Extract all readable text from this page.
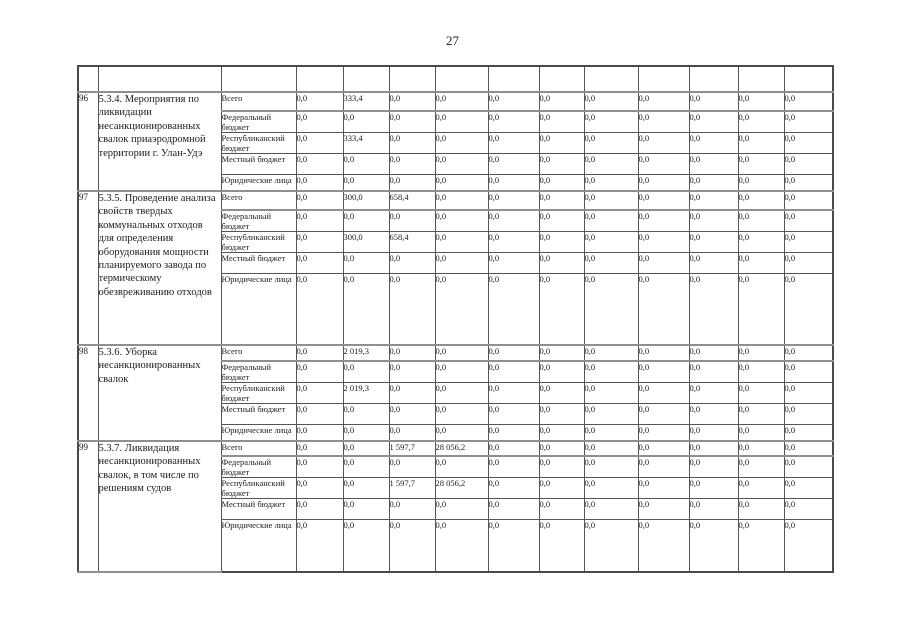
27

96	5.3.4. Мероприятия по ликвидации несанкционированных свалок приаэродромной территории г. Улан-Удэ	Всего	0,0	333,4	0,0	0,0	0,0	0,0	0,0	0,0	0,0	0,0	0,0
		Федеральный бюджет	0,0	0,0	0,0	0,0	0,0	0,0	0,0	0,0	0,0	0,0	0,0
		Республиканский бюджет	0,0	333,4	0,0	0,0	0,0	0,0	0,0	0,0	0,0	0,0	0,0
		Местный бюджет	0,0	0,0	0,0	0,0	0,0	0,0	0,0	0,0	0,0	0,0	0,0
		Юридические лица	0,0	0,0	0,0	0,0	0,0	0,0	0,0	0,0	0,0	0,0	0,0
97	5.3.5. Проведение анализа свойств твердых коммунальных отходов для определения оборудования мощности планируемого завода по термическому обезвреживанию отходов	Всего	0,0	300,0	658,4	0,0	0,0	0,0	0,0	0,0	0,0	0,0	0,0
		Федеральный бюджет	0,0	0,0	0,0	0,0	0,0	0,0	0,0	0,0	0,0	0,0	0,0
		Республиканский бюджет	0,0	300,0	658,4	0,0	0,0	0,0	0,0	0,0	0,0	0,0	0,0
		Местный бюджет	0,0	0,0	0,0	0,0	0,0	0,0	0,0	0,0	0,0	0,0	0,0
		Юридические лица	0,0	0,0	0,0	0,0	0,0	0,0	0,0	0,0	0,0	0,0	0,0
98	5.3.6. Уборка несанкционированных свалок	Всего	0,0	2 019,3	0,0	0,0	0,0	0,0	0,0	0,0	0,0	0,0	0,0
		Федеральный бюджет	0,0	0,0	0,0	0,0	0,0	0,0	0,0	0,0	0,0	0,0	0,0
		Республиканский бюджет	0,0	2 019,3	0,0	0,0	0,0	0,0	0,0	0,0	0,0	0,0	0,0
		Местный бюджет	0,0	0,0	0,0	0,0	0,0	0,0	0,0	0,0	0,0	0,0	0,0
		Юридические лица	0,0	0,0	0,0	0,0	0,0	0,0	0,0	0,0	0,0	0,0	0,0
99	5.3.7. Ликвидация несанкционированных свалок, в том числе по решениям судов	Всего	0,0	0,0	1 597,7	28 056,2	0,0	0,0	0,0	0,0	0,0	0,0	0,0
		Федеральный бюджет	0,0	0,0	0,0	0,0	0,0	0,0	0,0	0,0	0,0	0,0	0,0
		Республиканский бюджет	0,0	0,0	1 597,7	28 056,2	0,0	0,0	0,0	0,0	0,0	0,0	0,0
		Местный бюджет	0,0	0,0	0,0	0,0	0,0	0,0	0,0	0,0	0,0	0,0	0,0
		Юридические лица	0,0	0,0	0,0	0,0	0,0	0,0	0,0	0,0	0,0	0,0	0,0
